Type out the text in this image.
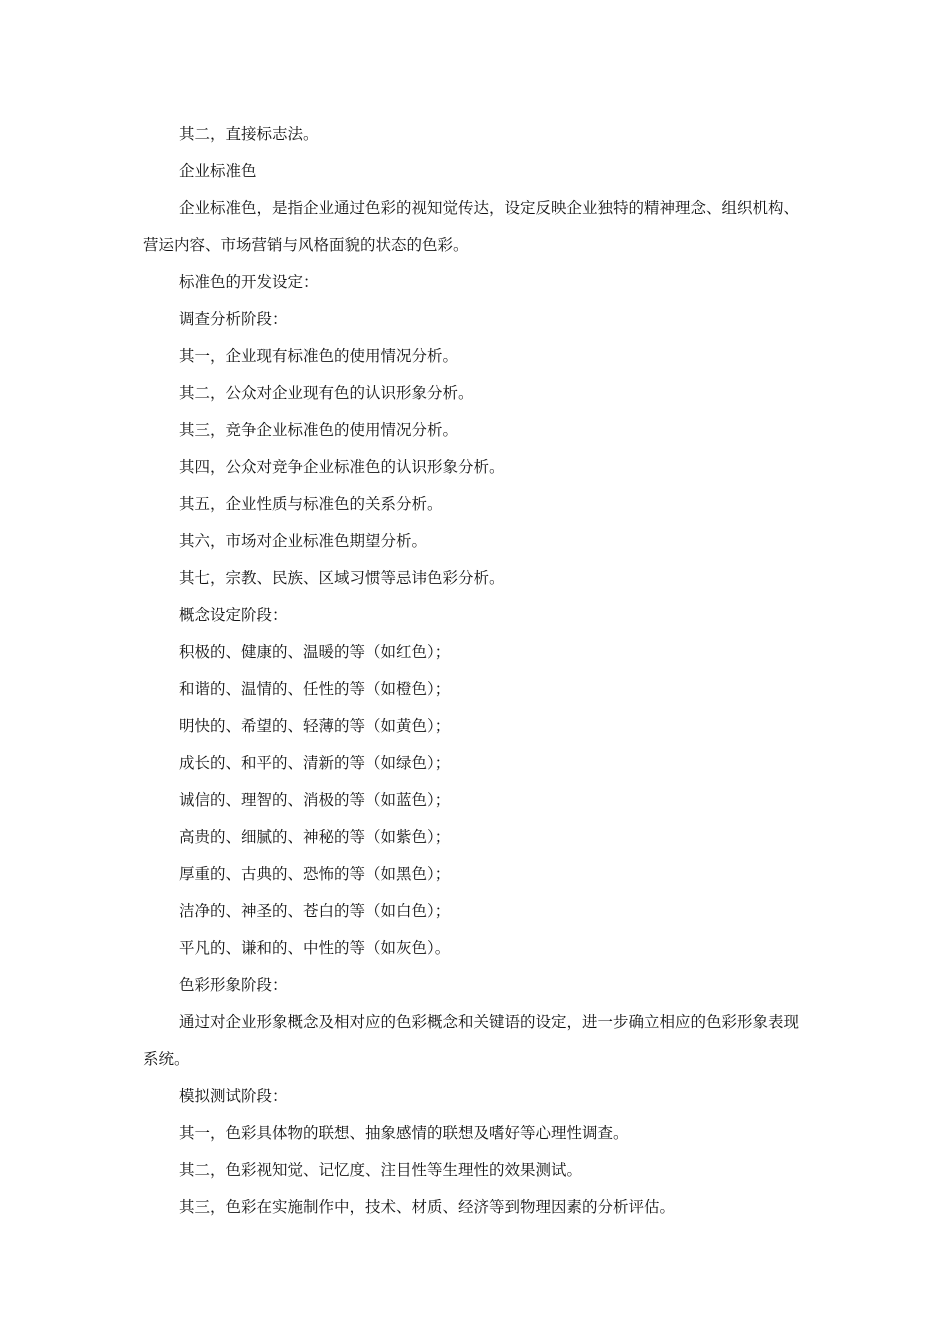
其二，直接标志法。

企业标准色

企业标准色，是指企业通过色彩的视知觉传达，设定反映企业独特的精神理念、组织机构、营运内容、市场营销与风格面貌的状态的色彩。

标准色的开发设定：

调查分析阶段：

其一，企业现有标准色的使用情况分析。

其二，公众对企业现有色的认识形象分析。

其三，竞争企业标准色的使用情况分析。

其四，公众对竞争企业标准色的认识形象分析。

其五，企业性质与标准色的关系分析。

其六，市场对企业标准色期望分析。

其七，宗教、民族、区域习惯等忌讳色彩分析。

概念设定阶段：

积极的、健康的、温暖的等（如红色）；

和谐的、温情的、任性的等（如橙色）；

明快的、希望的、轻薄的等（如黄色）；

成长的、和平的、清新的等（如绿色）；

诚信的、理智的、消极的等（如蓝色）；

高贵的、细腻的、神秘的等（如紫色）；

厚重的、古典的、恐怖的等（如黑色）；

洁净的、神圣的、苍白的等（如白色）；

平凡的、谦和的、中性的等（如灰色）。

色彩形象阶段：

通过对企业形象概念及相对应的色彩概念和关键语的设定，进一步确立相应的色彩形象表现系统。

模拟测试阶段：

其一，色彩具体物的联想、抽象感情的联想及嗜好等心理性调查。

其二，色彩视知觉、记忆度、注目性等生理性的效果测试。

其三，色彩在实施制作中，技术、材质、经济等到物理因素的分析评估。
